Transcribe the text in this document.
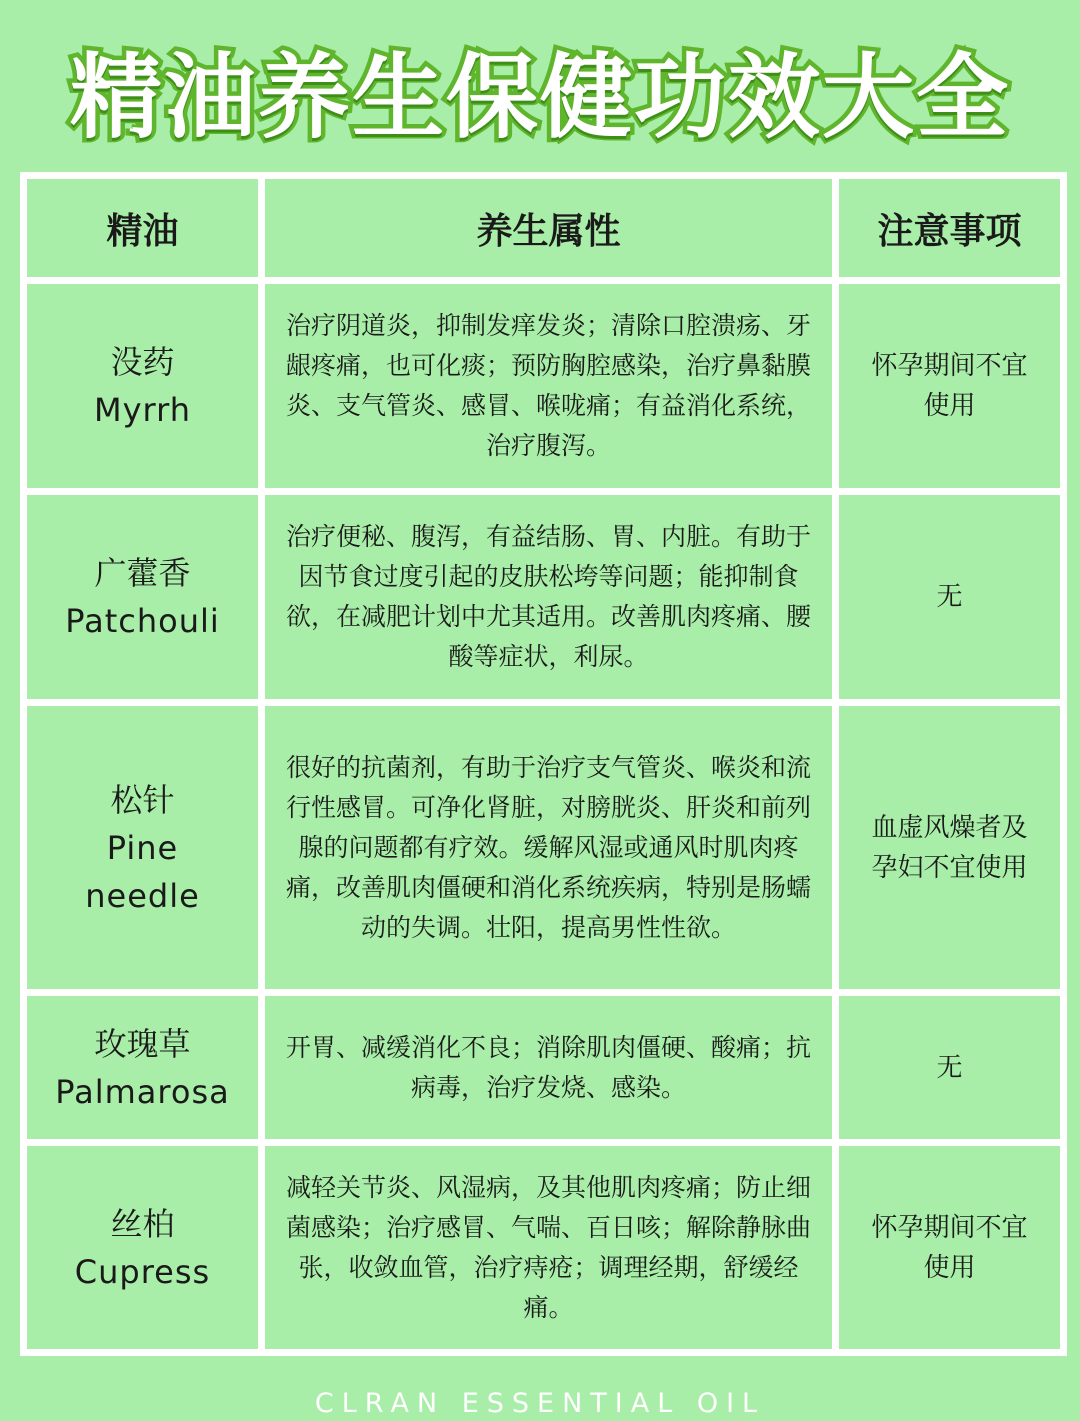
精油养生保健功效大全
精油	养生属性	注意事项

没药
Myrrh	治疗阴道炎，抑制发痒发炎；清除口腔溃疡、牙龈疼痛，也可化痰；预防胸腔感染，治疗鼻黏膜炎、支气管炎、感冒、喉咙痛；有益消化系统，治疗腹泻。	怀孕期间不宜使用

广藿香
Patchouli	治疗便秘、腹泻，有益结肠、胃、内脏。有助于因节食过度引起的皮肤松垮等问题；能抑制食欲，在减肥计划中尤其适用。改善肌肉疼痛、腰酸等症状，利尿。	无

松针
Pine needle	很好的抗菌剂，有助于治疗支气管炎、喉炎和流行性感冒。可净化肾脏，对膀胱炎、肝炎和前列腺的问题都有疗效。缓解风湿或通风时肌肉疼痛，改善肌肉僵硬和消化系统疾病，特别是肠蠕动的失调。壮阳，提高男性性欲。	血虚风燥者及孕妇不宜使用

玫瑰草
Palmarosa	开胃、减缓消化不良；消除肌肉僵硬、酸痛；抗病毒，治疗发烧、感染。	无

丝柏
Cupress	减轻关节炎、风湿病，及其他肌肉疼痛；防止细菌感染；治疗感冒、气喘、百日咳；解除静脉曲张，收敛血管，治疗痔疮；调理经期，舒缓经痛。	怀孕期间不宜使用
CLRAN ESSENTIAL OIL
